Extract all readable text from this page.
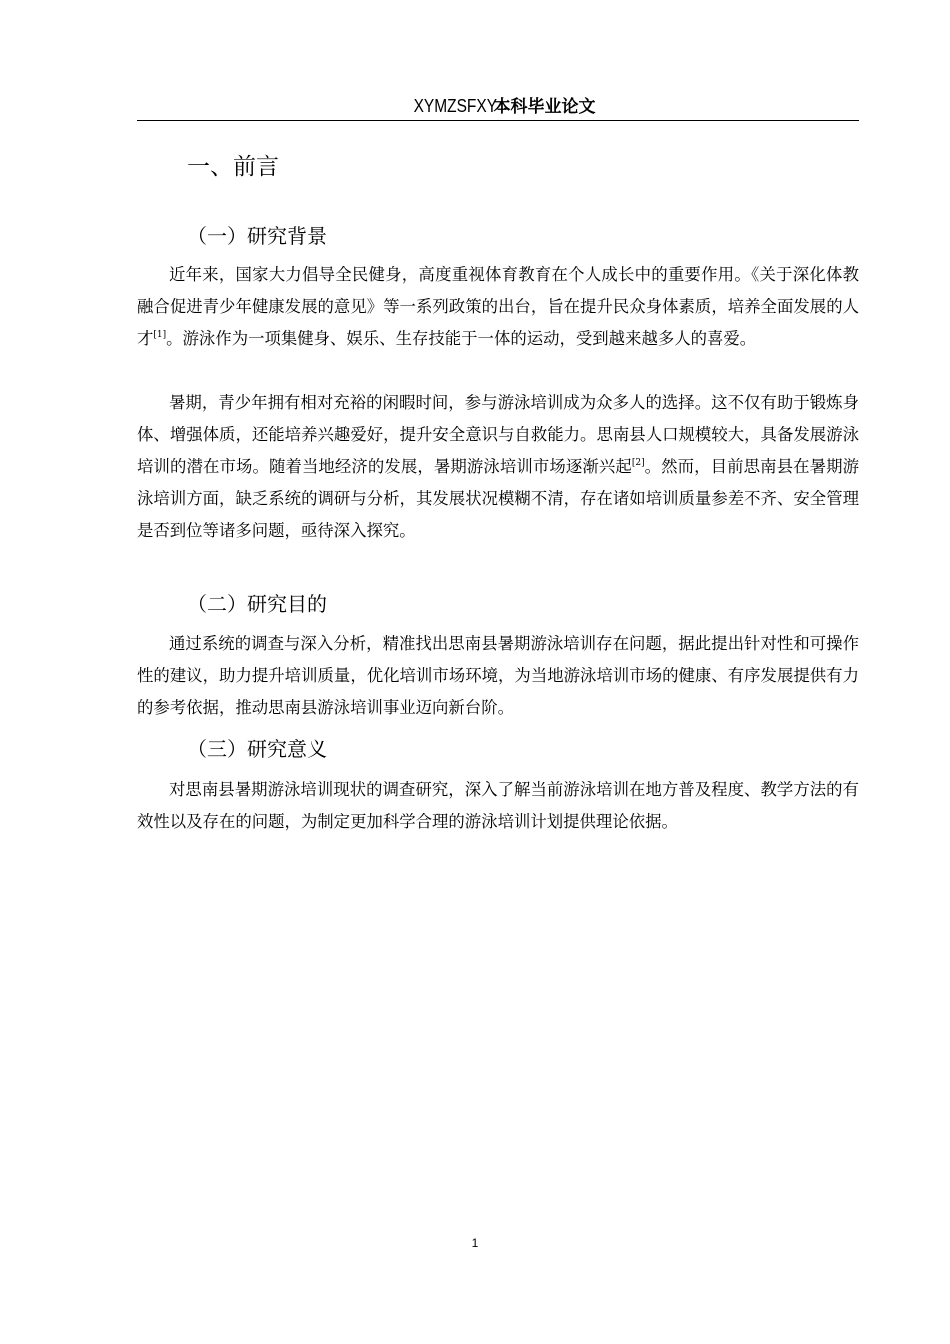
XYMZSFXY本科毕业论文
一、前言
（一）研究背景

近年来，国家大力倡导全民健身，高度重视体育教育在个人成长中的重要作用。《关于深化体教融合促进青少年健康发展的意见》等一系列政策的出台，旨在提升民众身体素质，培养全面发展的人才[1]。游泳作为一项集健身、娱乐、生存技能于一体的运动，受到越来越多人的喜爱。

暑期，青少年拥有相对充裕的闲暇时间，参与游泳培训成为众多人的选择。这不仅有助于锻炼身体、增强体质，还能培养兴趣爱好，提升安全意识与自救能力。思南县人口规模较大，具备发展游泳培训的潜在市场。随着当地经济的发展，暑期游泳培训市场逐渐兴起[2]。然而，目前思南县在暑期游泳培训方面，缺乏系统的调研与分析，其发展状况模糊不清，存在诸如培训质量参差不齐、安全管理是否到位等诸多问题，亟待深入探究。

（二）研究目的

通过系统的调查与深入分析，精准找出思南县暑期游泳培训存在问题，据此提出针对性和可操作性的建议，助力提升培训质量，优化培训市场环境，为当地游泳培训市场的健康、有序发展提供有力的参考依据，推动思南县游泳培训事业迈向新台阶。

（三）研究意义

对思南县暑期游泳培训现状的调查研究，深入了解当前游泳培训在地方普及程度、教学方法的有效性以及存在的问题，为制定更加科学合理的游泳培训计划提供理论依据。

1
